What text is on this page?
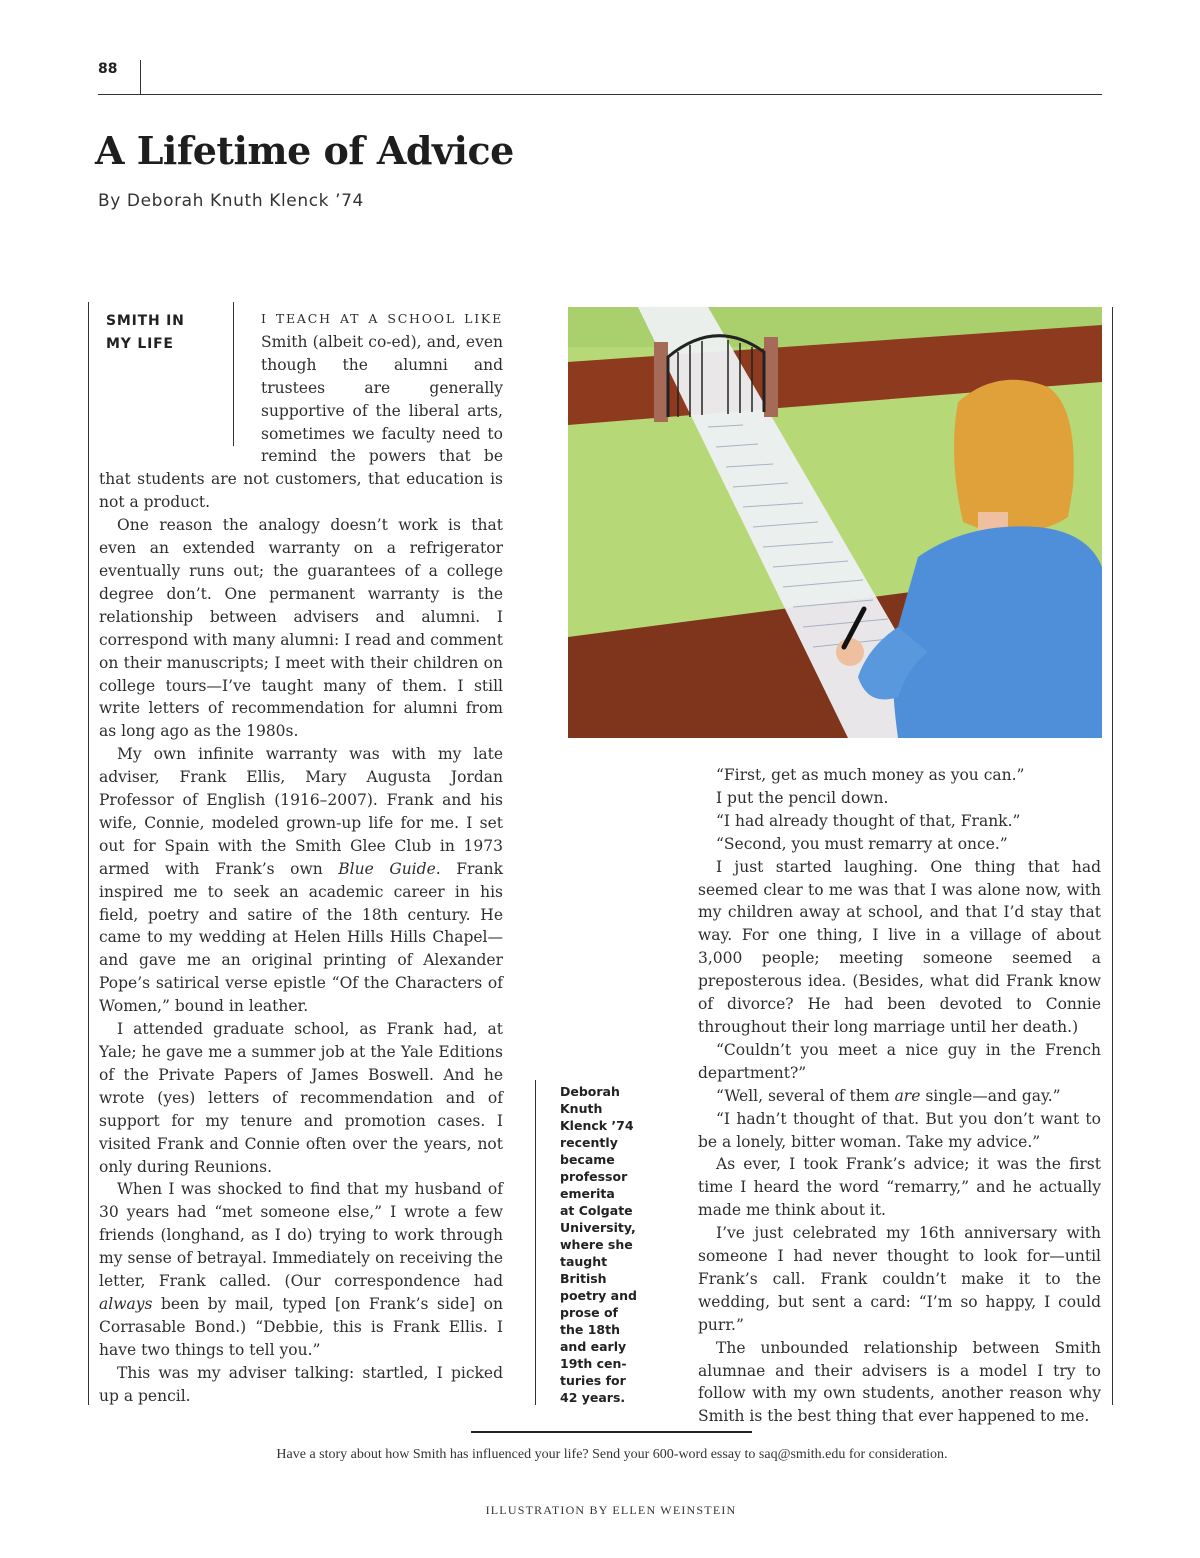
88
A Lifetime of Advice
By Deborah Knuth Klenck ’74
SMITH IN
MY LIFE

I TEACH AT A SCHOOL LIKE Smith (albeit co-ed), and, even though the alumni and trustees are generally supportive of the liberal arts, sometimes we faculty need to remind the powers that be that students are not customers, that education is not a product.

One reason the analogy doesn’t work is that even an extended warranty on a refrigerator eventually runs out; the guarantees of a college degree don’t. One permanent warranty is the relationship between advisers and alumni. I correspond with many alumni: I read and comment on their manuscripts; I meet with their children on college tours—I’ve taught many of them. I still write letters of recommendation for alumni from as long ago as the 1980s.

My own infinite warranty was with my late adviser, Frank Ellis, Mary Augusta Jordan Professor of English (1916–2007). Frank and his wife, Connie, modeled grown-up life for me. I set out for Spain with the Smith Glee Club in 1973 armed with Frank’s own Blue Guide. Frank inspired me to seek an academic career in his field, poetry and satire of the 18th century. He came to my wedding at Helen Hills Hills Chapel—and gave me an original printing of Alexander Pope’s satirical verse epistle “Of the Characters of Women,” bound in leather.

I attended graduate school, as Frank had, at Yale; he gave me a summer job at the Yale Editions of the Private Papers of James Boswell. And he wrote (yes) letters of recommendation and of support for my tenure and promotion cases. I visited Frank and Connie often over the years, not only during Reunions.

When I was shocked to find that my husband of 30 years had “met someone else,” I wrote a few friends (longhand, as I do) trying to work through my sense of betrayal. Immediately on receiving the letter, Frank called. (Our correspondence had always been by mail, typed [on Frank’s side] on Corrasable Bond.) “Debbie, this is Frank Ellis. I have two things to tell you.”

This was my adviser talking: startled, I picked up a pencil.

Deborah
Knuth
Klenck ’74
recently
became
professor
emerita
at Colgate
University,
where she
taught
British
poetry and
prose of
the 18th
and early
19th cen-
turies for
42 years.

“First, get as much money as you can.”

I put the pencil down.

“I had already thought of that, Frank.”

“Second, you must remarry at once.”

I just started laughing. One thing that had seemed clear to me was that I was alone now, with my children away at school, and that I’d stay that way. For one thing, I live in a village of about 3,000 people; meeting someone seemed a preposterous idea. (Besides, what did Frank know of divorce? He had been devoted to Connie throughout their long marriage until her death.)

“Couldn’t you meet a nice guy in the French department?”

“Well, several of them are single—and gay.”

“I hadn’t thought of that. But you don’t want to be a lonely, bitter woman. Take my advice.”

As ever, I took Frank’s advice; it was the first time I heard the word “remarry,” and he actually made me think about it.

I’ve just celebrated my 16th anniversary with someone I had never thought to look for—until Frank’s call. Frank couldn’t make it to the wedding, but sent a card: “I’m so happy, I could purr.”

The unbounded relationship between Smith alumnae and their advisers is a model I try to follow with my own students, another reason why Smith is the best thing that ever happened to me.

Have a story about how Smith has influenced your life? Send your 600-word essay to saq@smith.edu for consideration.
ILLUSTRATION BY ELLEN WEINSTEIN
